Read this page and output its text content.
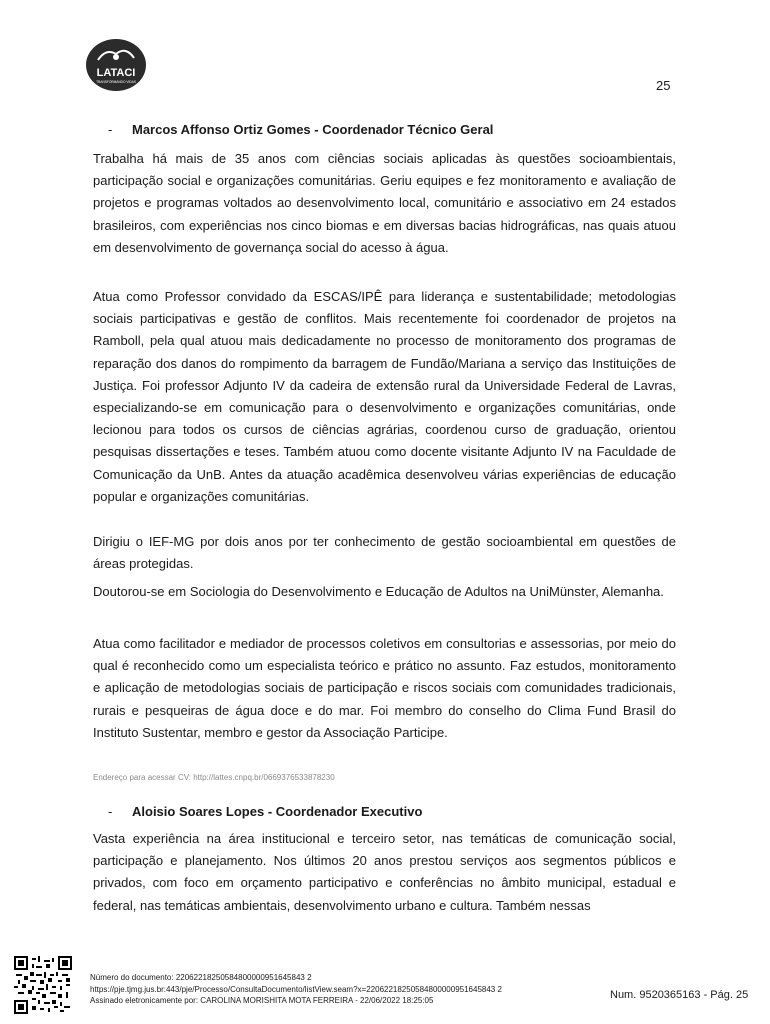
LATACI
TRANSFORMANDO VIDAS	25
- Marcos Affonso Ortiz Gomes - Coordenador Técnico Geral

Trabalha há mais de 35 anos com ciências sociais aplicadas às questões socioambientais, participação social e organizações comunitárias. Geriu equipes e fez monitoramento e avaliação de projetos e programas voltados ao desenvolvimento local, comunitário e associativo em 24 estados brasileiros, com experiências nos cinco biomas e em diversas bacias hidrográficas, nas quais atuou em desenvolvimento de governança social do acesso à água.

Atua como Professor convidado da ESCAS/IPÊ para liderança e sustentabilidade; metodologias sociais participativas e gestão de conflitos. Mais recentemente foi coordenador de projetos na Ramboll, pela qual atuou mais dedicadamente no processo de monitoramento dos programas de reparação dos danos do rompimento da barragem de Fundão/Mariana a serviço das Instituições de Justiça. Foi professor Adjunto IV da cadeira de extensão rural da Universidade Federal de Lavras, especializando-se em comunicação para o desenvolvimento e organizações comunitárias, onde lecionou para todos os cursos de ciências agrárias, coordenou curso de graduação, orientou pesquisas dissertações e teses. Também atuou como docente visitante Adjunto IV na Faculdade de Comunicação da UnB. Antes da atuação acadêmica desenvolveu várias experiências de educação popular e organizações comunitárias.

Dirigiu o IEF-MG por dois anos por ter conhecimento de gestão socioambiental em questões de áreas protegidas.

Doutorou-se em Sociologia do Desenvolvimento e Educação de Adultos na UniMünster, Alemanha.

Atua como facilitador e mediador de processos coletivos em consultorias e assessorias, por meio do qual é reconhecido como um especialista teórico e prático no assunto. Faz estudos, monitoramento e aplicação de metodologias sociais de participação e riscos sociais com comunidades tradicionais, rurais e pesqueiras de água doce e do mar. Foi membro do conselho do Clima Fund Brasil do Instituto Sustentar, membro e gestor da Associação Participe.

Endereço para acessar CV: http://lattes.cnpq.br/0669376533878230
- Aloisio Soares Lopes - Coordenador Executivo

Vasta experiência na área institucional e terceiro setor, nas temáticas de comunicação social, participação e planejamento. Nos últimos 20 anos prestou serviços aos segmentos públicos e privados, com foco em orçamento participativo e conferências no âmbito municipal, estadual e federal, nas temáticas ambientais, desenvolvimento urbano e cultura. Também nessas

Número do documento: 22062218250584800000951645843 2
https://pje.tjmg.jus.br:443/pje/Processo/ConsultaDocumento/listView.seam?x=22062218250584800000951645843 2
Assinado eletronicamente por: CAROLINA MORISHITA MOTA FERREIRA - 22/06/2022 18:25:05	Num. 9520365163 - Pág. 25
